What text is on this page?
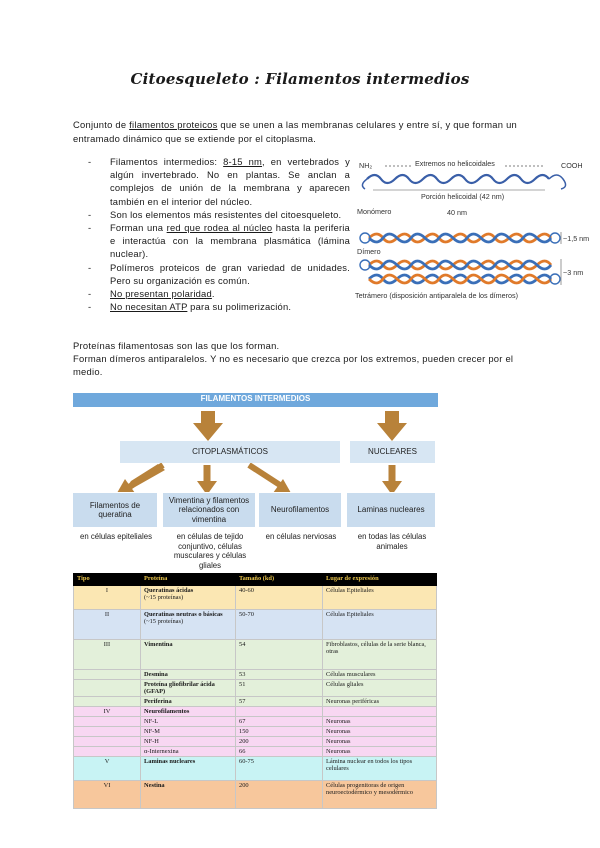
Citoesqueleto : Filamentos intermedios
Conjunto de filamentos proteicos que se unen a las membranas celulares y entre sí, y que forman un
entramado dinámico que se extiende por el citoplasma.
- Filamentos intermedios: 8-15 nm, en vertebrados y algún invertebrado. No en plantas. Se anclan a complejos de unión de la membrana y aparecen también en el interior del núcleo.
- Son los elementos más resistentes del citoesqueleto.
- Forman una red que rodea al núcleo hasta la periferia e interactúa con la membrana plasmática (lámina nuclear).
- Polímeros proteicos de gran variedad de unidades. Pero su organización es común.
- No presentan polaridad.
- No necesitan ATP para su polimerización.
NH₂	Extremos no helicoidales	COOH
Porción helicoidal (42 nm)
Monómero	40 nm
Dímero
~1,5 nm
~3 nm
Tetrámero (disposición antiparalela de los dímeros)
Proteínas filamentosas son las que los forman.
Forman dímeros antiparalelos. Y no es necesario que crezca por los extremos, pueden crecer por el
medio.
FILAMENTOS INTERMEDIOS
CITOPLASMÁTICOS	NUCLEARES
Filamentos de queratina
Vimentina y filamentos relacionados con vimentina
Neurofilamentos	Laminas nucleares
en células epiteliales	en células de tejido conjuntivo, células musculares y células gliales
en células nerviosas	en todas las células animales
Tipo	Proteína	Tamaño (kd)	Lugar de expresión
I	Queratinas ácidas
(~15 proteínas)	40-60	Células Epiteliales
II	Queratinas neutras o básicas
(~15 proteínas)	50-70	Células Epiteliales
III	Vimentina	54	Fibroblastos, células de la serie blanca, otras
	Desmina	53	Células musculares
	Proteína gliofibrilar ácida (GFAP)	51	Células gliales
	Periferina	57	Neuronas periféricas
IV	Neurofilamentos		
	NF-L	67	Neuronas
	NF-M	150	Neuronas
	NF-H	200	Neuronas
	α-Internexina	66	Neuronas
V	Laminas nucleares	60-75	Lámina nuclear en todos los tipos celulares
VI	Nestina	200	Células progenitoras de origen neuroectodérmico y mesodérmico
